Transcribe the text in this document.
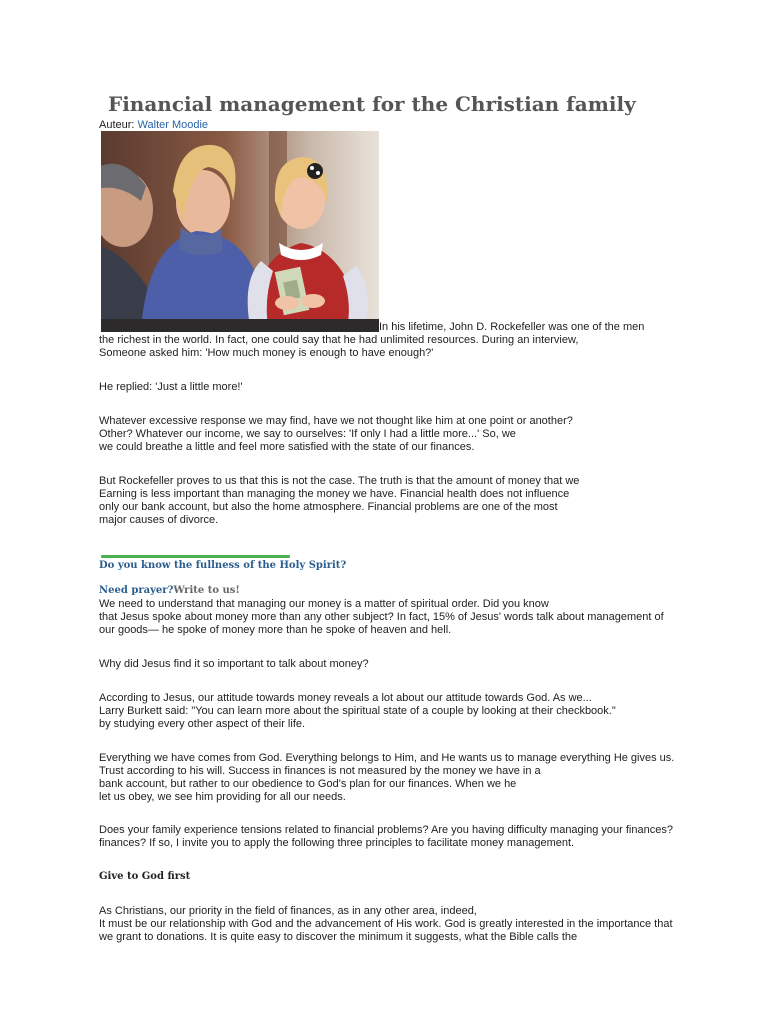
Financial management for the Christian family
Auteur: Walter Moodie
In his lifetime, John D. Rockefeller was one of the men
the richest in the world. In fact, one could say that he had unlimited resources. During an interview,
Someone asked him: 'How much money is enough to have enough?'
He replied: 'Just a little more!'
Whatever excessive response we may find, have we not thought like him at one point or another?
Other? Whatever our income, we say to ourselves: 'If only I had a little more...' So, we
we could breathe a little and feel more satisfied with the state of our finances.
But Rockefeller proves to us that this is not the case. The truth is that the amount of money that we
Earning is less important than managing the money we have. Financial health does not influence
only our bank account, but also the home atmosphere. Financial problems are one of the most
major causes of divorce.
Do you know the fullness of the Holy Spirit?
Need prayer?Write to us!
We need to understand that managing our money is a matter of spiritual order. Did you know
that Jesus spoke about money more than any other subject? In fact, 15% of Jesus' words talk about management of
our goods— he spoke of money more than he spoke of heaven and hell.
Why did Jesus find it so important to talk about money?
According to Jesus, our attitude towards money reveals a lot about our attitude towards God. As we...
Larry Burkett said: "You can learn more about the spiritual state of a couple by looking at their checkbook."
by studying every other aspect of their life.
Everything we have comes from God. Everything belongs to Him, and He wants us to manage everything He gives us.
Trust according to his will. Success in finances is not measured by the money we have in a
bank account, but rather to our obedience to God's plan for our finances. When we he
let us obey, we see him providing for all our needs.
Does your family experience tensions related to financial problems? Are you having difficulty managing your finances?
finances? If so, I invite you to apply the following three principles to facilitate money management.
Give to God first
As Christians, our priority in the field of finances, as in any other area, indeed,
It must be our relationship with God and the advancement of His work. God is greatly interested in the importance that
we grant to donations. It is quite easy to discover the minimum it suggests, what the Bible calls the
